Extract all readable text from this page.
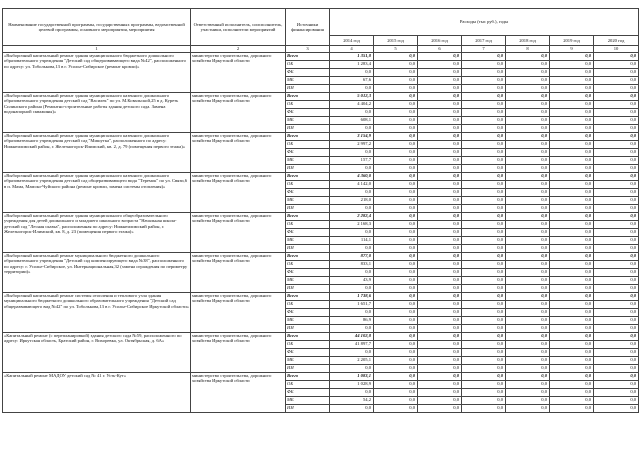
Наименование государственной программы, государственных программы, ведомственной целевой программы, основного мероприятия, мероприятия	Ответственный исполнитель, соисполнитель, участники, исполнители мероприятий	Источники финансирования	Расходы (тыс руб.), годы						
			2014 год	2015 год	2016 год	2017 год	2018 год	2019 год	2020 год
1	2	3	4	5	6	7	8	9	10
«Выборочный капитальный ремонт здания муниципального бюджетного дошкольного образовательного учреждения "Детский сад общеразвивающего вида №42", расположенного по адресу: ул. Тоболькова,13 в г. Усолье-Сибирское (ремонт кровли)»	министерство строительства, дорожного хозяйства Иркутской области	Всего	1 351,8	0,0	0,0	0,0	0,0	0,0	0,0
		ОБ	1 283,4	0,0	0,0	0,0	0,0	0,0	0,0
		ФБ	0,0	0,0	0,0	0,0	0,0	0,0	0,0
		МБ	67,6	0,0	0,0	0,0	0,0	0,0	0,0
		ИИ	0,0	0,0	0,0	0,0	0,0	0,0	0,0
«Выборочный капитальный ремонт здания муниципального казенного дошкольного образовательного учреждения детский сад "Василек" по ул. М.Ковальской,25 в д. Куреть Сплинского района (Ремонтно-строительные работы здания детского сада. Замена водонапорной скважины)»	министерство строительства, дорожного хозяйства Иркутской области	Всего	5 012,3	0,0	0,0	0,0	0,0	0,0	0,0
		ОБ	4 404,2	0,0	0,0	0,0	0,0	0,0	0,0
		ФБ	0,0	0,0	0,0	0,0	0,0	0,0	0,0
		МБ	608,1	0,0	0,0	0,0	0,0	0,0	0,0
		ИИ	0,0	0,0	0,0	0,0	0,0	0,0	0,0
«Выборочный капитальный ремонт здания муниципального казенного дошкольного образовательного учреждения детский сад "Мишутка", расположенного по адресу: Нижнеилимский район, г. Железногорск-Илимский, кв. 2, д. 79 (помещения первого этажа)»	министерство строительства, дорожного хозяйства Иркутской области	Всего	3 154,9	0,0	0,0	0,0	0,0	0,0	0,0
		ОБ	2 997,2	0,0	0,0	0,0	0,0	0,0	0,0
		ФБ	0,0	0,0	0,0	0,0	0,0	0,0	0,0
		МБ	157,7	0,0	0,0	0,0	0,0	0,0	0,0
		ИИ	0,0	0,0	0,0	0,0	0,0	0,0	0,0
«Выборочный капитальный ремонт здания муниципального казенного дошкольного образовательного учреждения детский сад общеразвивающего вида "Теремок" по ул. Связи,6 в п. Мама, Мамско-Чуйского района (ремонт кровли, замена системы отопления)»	министерство строительства, дорожного хозяйства Иркутской области	Всего	4 360,0	0,0	0,0	0,0	0,0	0,0	0,0
		ОБ	4 142,0	0,0	0,0	0,0	0,0	0,0	0,0
		ФБ	0,0	0,0	0,0	0,0	0,0	0,0	0,0
		МБ	218,0	0,0	0,0	0,0	0,0	0,0	0,0
		ИИ	0,0	0,0	0,0	0,0	0,0	0,0	0,0
«Выборочный капитальный ремонт здания муниципального общеобразовательного учреждения для детей дошкольного и младшего школьного возраста "Начальная школа-детский сад "Лесная сказка", расположенная по адресу: Нижнеилимский район, г. Железногорск-Илимский, кв. 8, д. 23 (помещения первого этажа)»	министерство строительства, дорожного хозяйства Иркутской области	Всего	2 282,4	0,0	0,0	0,0	0,0	0,0	0,0
		ОБ	2 168,3	0,0	0,0	0,0	0,0	0,0	0,0
		ФБ	0,0	0,0	0,0	0,0	0,0	0,0	0,0
		МБ	114,1	0,0	0,0	0,0	0,0	0,0	0,0
		ИИ	0,0	0,0	0,0	0,0	0,0	0,0	0,0
«Выборочный капитальный ремонт муниципального бюджетного дошкольного образовательного учреждения "Детский сад компенсирующего вида №38", расположенного по адресу: г. Усолье-Сибирское, ул. Интернациональная,32 (замена ограждения по периметру территории)»	министерство строительства, дорожного хозяйства Иркутской области	Всего	877,0	0,0	0,0	0,0	0,0	0,0	0,0
		ОБ	833,1	0,0	0,0	0,0	0,0	0,0	0,0
		ФБ	0,0	0,0	0,0	0,0	0,0	0,0	0,0
		МБ	43,9	0,0	0,0	0,0	0,0	0,0	0,0
		ИИ	0,0	0,0	0,0	0,0	0,0	0,0	0,0
«Выборочный капитальный ремонт системы отопления и теплового узла здания муниципального бюджетного дошкольного образовательного учреждения "Детский сад общеразвивающего вид №42" по ул. Тоболькова,13 в г. Усолье-Сибирское Иркутской области»	министерство строительства, дорожного хозяйства Иркутской области	Всего	1 738,6	0,0	0,0	0,0	0,0	0,0	0,0
		ОБ	1 651,7	0,0	0,0	0,0	0,0	0,0	0,0
		ФБ	0,0	0,0	0,0	0,0	0,0	0,0	0,0
		МБ	86,9	0,0	0,0	0,0	0,0	0,0	0,0
		ИИ	0,0	0,0	0,0	0,0	0,0	0,0	0,0
«Капитальный ремонт (с перепланировкой) здания детского сада №59, расположенного по адресу: Иркутская область, Братский район, г. Вихоревка, ул. Октябрьская, д. 6А»	министерство строительства, дорожного хозяйства Иркутской области	Всего	44 102,8	0,0	0,0	0,0	0,0	0,0	0,0
		ОБ	41 897,7	0,0	0,0	0,0	0,0	0,0	0,0
		ФБ	0,0	0,0	0,0	0,0	0,0	0,0	0,0
		МБ	2 205,1	0,0	0,0	0,0	0,0	0,0	0,0
		ИИ	0,0	0,0	0,0	0,0	0,0	0,0	0,0
«Капитальный ремонт МАДОУ детский сад № 41 г. Усть-Кут»	министерство строительства, дорожного хозяйства Иркутской области	Всего	1 083,1	0,0	0,0	0,0	0,0	0,0	0,0
		ОБ	1 028,9	0,0	0,0	0,0	0,0	0,0	0,0
		ФБ	0,0	0,0	0,0	0,0	0,0	0,0	0,0
		МБ	54,2	0,0	0,0	0,0	0,0	0,0	0,0
		ИИ	0,0	0,0	0,0	0,0	0,0	0,0	0,0
